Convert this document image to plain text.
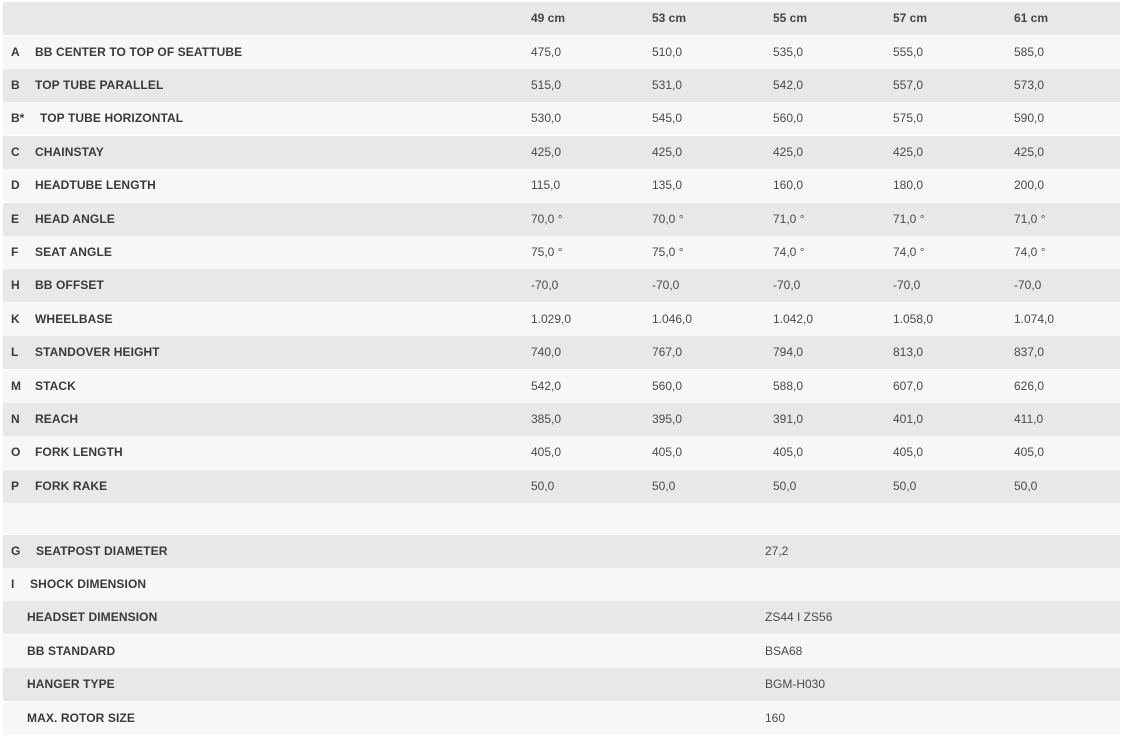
49 cm	53 cm	55 cm	57 cm	61 cm
A BB CENTER TO TOP OF SEATTUBE	475,0	510,0	535,0	555,0	585,0
B TOP TUBE PARALLEL	515,0	531,0	542,0	557,0	573,0
B* TOP TUBE HORIZONTAL	530,0	545,0	560,0	575,0	590,0
C CHAINSTAY	425,0	425,0	425,0	425,0	425,0
D HEADTUBE LENGTH	115,0	135,0	160,0	180,0	200,0
E HEAD ANGLE	70,0 °	70,0 °	71,0 °	71,0 °	71,0 °
F SEAT ANGLE	75,0 °	75,0 °	74,0 °	74,0 °	74,0 °
H BB OFFSET	-70,0	-70,0	-70,0	-70,0	-70,0
K WHEELBASE	1.029,0	1.046,0	1.042,0	1.058,0	1.074,0
L STANDOVER HEIGHT	740,0	767,0	794,0	813,0	837,0
M STACK	542,0	560,0	588,0	607,0	626,0
N REACH	385,0	395,0	391,0	401,0	411,0
O FORK LENGTH	405,0	405,0	405,0	405,0	405,0
P FORK RAKE	50,0	50,0	50,0	50,0	50,0
G SEATPOST DIAMETER	27,2
I SHOCK DIMENSION
HEADSET DIMENSION	ZS44 I ZS56
BB STANDARD	BSA68
HANGER TYPE	BGM-H030
MAX. ROTOR SIZE	160
